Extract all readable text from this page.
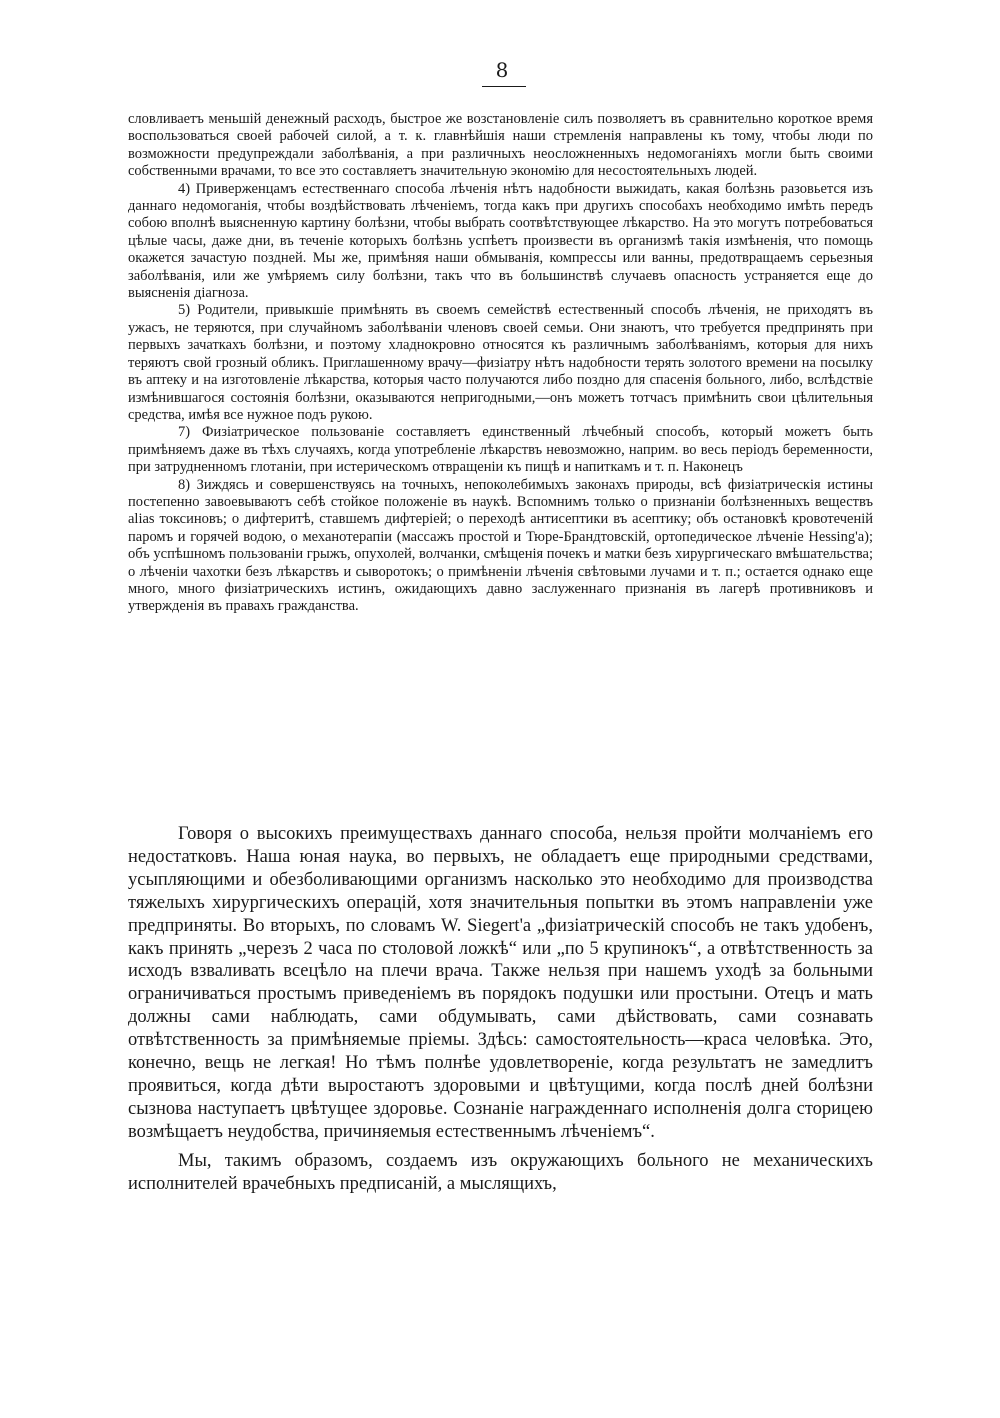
8

словливаетъ меньшій денежный расходъ, быстрое же возстановленіе силъ позволяетъ въ сравнительно короткое время воспользоваться своей рабочей силой, а т. к. главнѣйшія наши стремленія направлены къ тому, чтобы люди по возможности предупреждали заболѣванія, а при различныхъ неосложненныхъ недомоганіяхъ могли быть своими собственными врачами, то все это составляетъ значительную экономію для несостоятельныхъ людей.

4) Приверженцамъ естественнаго способа лѣченія нѣтъ надобности выжидать, какая болѣзнь разовьется изъ даннаго недомоганія, чтобы воздѣйствовать лѣченіемъ, тогда какъ при другихъ способахъ необходимо имѣть передъ собою вполнѣ выясненную картину болѣзни, чтобы выбрать соотвѣтствующее лѣкарство. На это могутъ потребоваться цѣлые часы, даже дни, въ теченіе которыхъ болѣзнь успѣетъ произвести въ организмѣ такія измѣненія, что помощь окажется зачастую поздней. Мы же, примѣняя наши обмыванія, компрессы или ванны, предотвращаемъ серьезныя заболѣванія, или же умѣряемъ силу болѣзни, такъ что въ большинствѣ случаевъ опасность устраняется еще до выясненія діагноза.

5) Родители, привыкшіе примѣнять въ своемъ семействѣ естественный способъ лѣченія, не приходятъ въ ужасъ, не теряются, при случайномъ заболѣваніи членовъ своей семьи. Они знаютъ, что требуется предпринять при первыхъ зачаткахъ болѣзни, и поэтому хладнокровно относятся къ различнымъ заболѣваніямъ, которыя для нихъ теряютъ свой грозный обликъ. Приглашенному врачу—физіатру нѣтъ надобности терять золотого времени на посылку въ аптеку и на изготовленіе лѣкарства, которыя часто получаются либо поздно для спасенія больного, либо, вслѣдствіе измѣнившагося состоянія болѣзни, оказываются непригодными,—онъ можетъ тотчасъ примѣнить свои цѣлительныя средства, имѣя все нужное подъ рукою.

7) Физіатрическое пользованіе составляетъ единственный лѣчебный способъ, который можетъ быть примѣняемъ даже въ тѣхъ случаяхъ, когда употребленіе лѣкарствъ невозможно, наприм. во весь періодъ беременности, при затрудненномъ глотаніи, при истерическомъ отвращеніи къ пищѣ и напиткамъ и т. п. Наконецъ

8) Зиждясь и совершенствуясь на точныхъ, непоколебимыхъ законахъ природы, всѣ физіатрическія истины постепенно завоевываютъ себѣ стойкое положеніе въ наукѣ. Вспомнимъ только о признаніи болѣзненныхъ веществъ alias токсиновъ; о дифтеритѣ, ставшемъ дифтеріей; о переходѣ антисептики въ асептику; объ остановкѣ кровотеченій паромъ и горячей водою, о механотерапіи (массажъ простой и Тюре-Брандтовскій, ортопедическое лѣченіе Hessing'а); объ успѣшномъ пользованіи грыжъ, опухолей, волчанки, смѣщенія почекъ и матки безъ хирургическаго вмѣшательства; о лѣченіи чахотки безъ лѣкарствъ и сыворотокъ; о примѣненіи лѣченія свѣтовыми лучами и т. п.; остается однако еще много, много физіатрическихъ истинъ, ожидающихъ давно заслуженнаго признанія въ лагерѣ противниковъ и утвержденія въ правахъ гражданства.

Говоря о высокихъ преимуществахъ даннаго способа, нельзя пройти молчаніемъ его недостатковъ. Наша юная наука, во первыхъ, не обладаетъ еще природными средствами, усыпляющими и обезболивающими организмъ насколько это необходимо для производства тяжелыхъ хирургическихъ операцій, хотя значительныя попытки въ этомъ направленіи уже предприняты. Во вторыхъ, по словамъ W. Siegert'а „физіатрическій способъ не такъ удобенъ, какъ принять „черезъ 2 часа по столовой ложкѣ“ или „по 5 крупинокъ“, а отвѣтственность за исходъ взваливать всецѣло на плечи врача. Также нельзя при нашемъ уходѣ за больными ограничиваться простымъ приведеніемъ въ порядокъ подушки или простыни. Отецъ и мать должны сами наблюдать, сами обдумывать, сами дѣйствовать, сами сознавать отвѣтственность за примѣняемые пріемы. Здѣсь: самостоятельность—краса человѣка. Это, конечно, вещь не легкая! Но тѣмъ полнѣе удовлетвореніе, когда результатъ не замедлитъ проявиться, когда дѣти выростаютъ здоровыми и цвѣтущими, когда послѣ дней болѣзни сызнова наступаетъ цвѣтущее здоровье. Сознаніе награжденнаго исполненія долга сторицею возмѣщаетъ неудобства, причиняемыя естественнымъ лѣченіемъ“.

Мы, такимъ образомъ, создаемъ изъ окружающихъ больного не механическихъ исполнителей врачебныхъ предписаній, а мыслящихъ,
